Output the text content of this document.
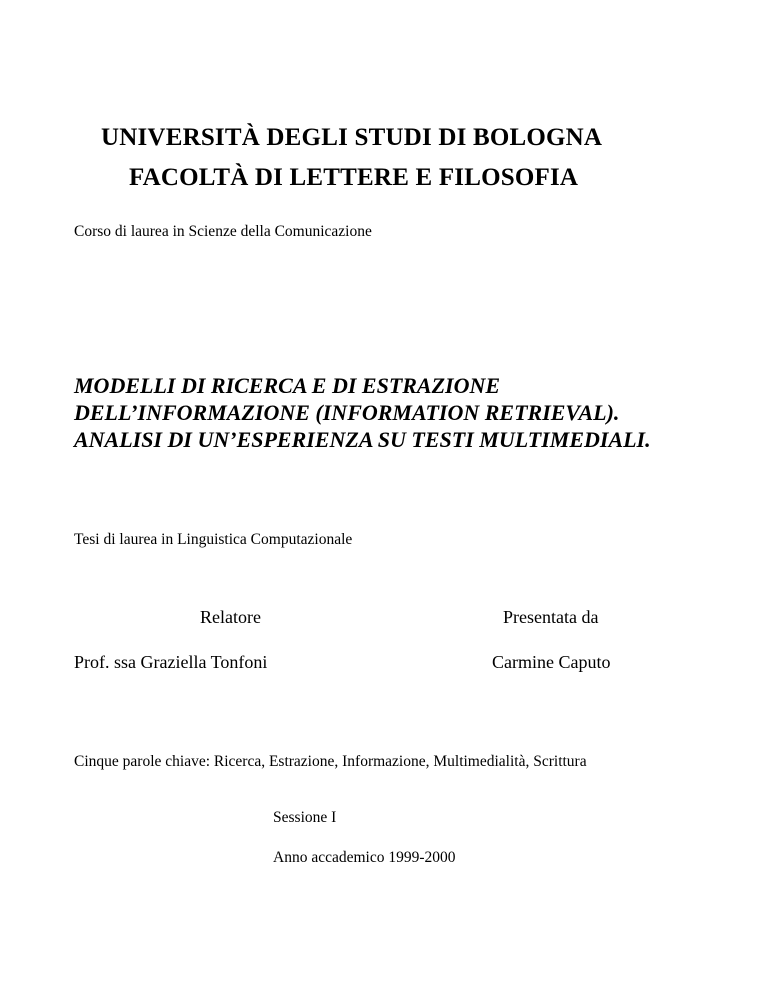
UNIVERSITÀ DEGLI STUDI DI BOLOGNA
FACOLTÀ DI LETTERE E FILOSOFIA
Corso di laurea in Scienze della Comunicazione
MODELLI DI RICERCA E DI ESTRAZIONE
DELL’INFORMAZIONE (INFORMATION RETRIEVAL).
ANALISI DI UN’ESPERIENZA SU TESTI MULTIMEDIALI.
Tesi di laurea in Linguistica Computazionale
Relatore	Presentata da
Prof. ssa Graziella Tonfoni	Carmine Caputo
Cinque parole chiave: Ricerca, Estrazione, Informazione, Multimedialità, Scrittura
Sessione I
Anno accademico 1999-2000
